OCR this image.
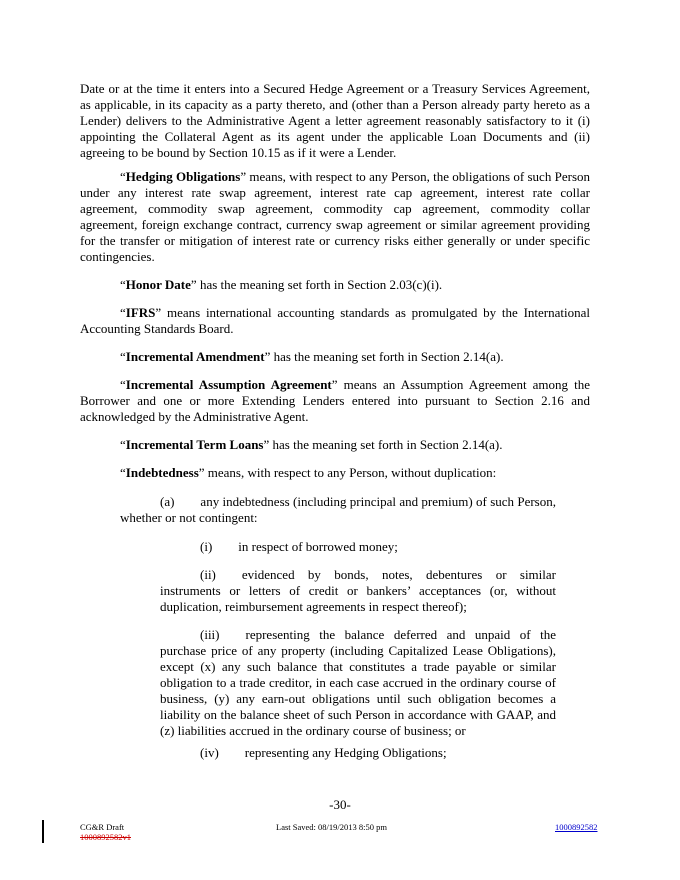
Date or at the time it enters into a Secured Hedge Agreement or a Treasury Services Agreement, as applicable, in its capacity as a party thereto, and (other than a Person already party hereto as a Lender) delivers to the Administrative Agent a letter agreement reasonably satisfactory to it (i) appointing the Collateral Agent as its agent under the applicable Loan Documents and (ii) agreeing to be bound by Section 10.15 as if it were a Lender.

“Hedging Obligations” means, with respect to any Person, the obligations of such Person under any interest rate swap agreement, interest rate cap agreement, interest rate collar agreement, commodity swap agreement, commodity cap agreement, commodity collar agreement, foreign exchange contract, currency swap agreement or similar agreement providing for the transfer or mitigation of interest rate or currency risks either generally or under specific contingencies.

“Honor Date” has the meaning set forth in Section 2.03(c)(i).

“IFRS” means international accounting standards as promulgated by the International Accounting Standards Board.

“Incremental Amendment” has the meaning set forth in Section 2.14(a).

“Incremental Assumption Agreement” means an Assumption Agreement among the Borrower and one or more Extending Lenders entered into pursuant to Section 2.16 and acknowledged by the Administrative Agent.

“Incremental Term Loans” has the meaning set forth in Section 2.14(a).

“Indebtedness” means, with respect to any Person, without duplication:

(a)  any indebtedness (including principal and premium) of such Person, whether or not contingent:

(i)  in respect of borrowed money;

(ii)  evidenced by bonds, notes, debentures or similar instruments or letters of credit or bankers’ acceptances (or, without duplication, reimbursement agreements in respect thereof);

(iii)  representing the balance deferred and unpaid of the purchase price of any property (including Capitalized Lease Obligations), except (x) any such balance that constitutes a trade payable or similar obligation to a trade creditor, in each case accrued in the ordinary course of business, (y) any earn-out obligations until such obligation becomes a liability on the balance sheet of such Person in accordance with GAAP, and (z) liabilities accrued in the ordinary course of business; or

(iv)  representing any Hedging Obligations;

-30-
CG&R Draft
1000892582v1
Last Saved: 08/19/2013 8:50 pm	1000892582
